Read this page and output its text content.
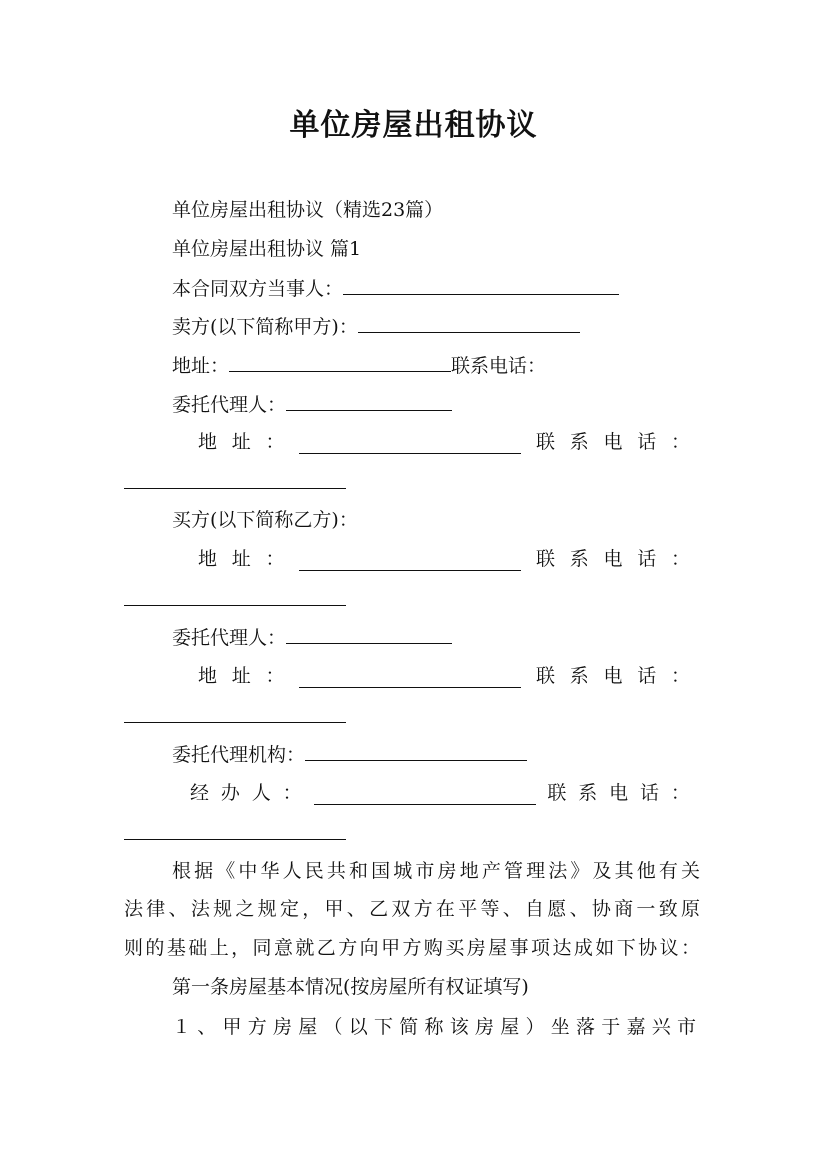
单位房屋出租协议
单位房屋出租协议（精选23篇）
单位房屋出租协议 篇1
本合同双方当事人：
卖方(以下简称甲方)：
地址：	联系电话：
委托代理人：
地 址 ：	联 系 电 话 ：
买方(以下简称乙方)：
地 址 ：	联 系 电 话 ：
委托代理人：
地 址 ：	联 系 电 话 ：
委托代理机构：
经 办 人 ：	联 系 电 话 ：
根据《中华人民共和国城市房地产管理法》及其他有关
法律、法规之规定，甲、乙双方在平等、自愿、协商一致原
则的基础上，同意就乙方向甲方购买房屋事项达成如下协议：
第一条房屋基本情况(按房屋所有权证填写)
１、甲方房屋（以下简称该房屋）坐落于嘉兴市
